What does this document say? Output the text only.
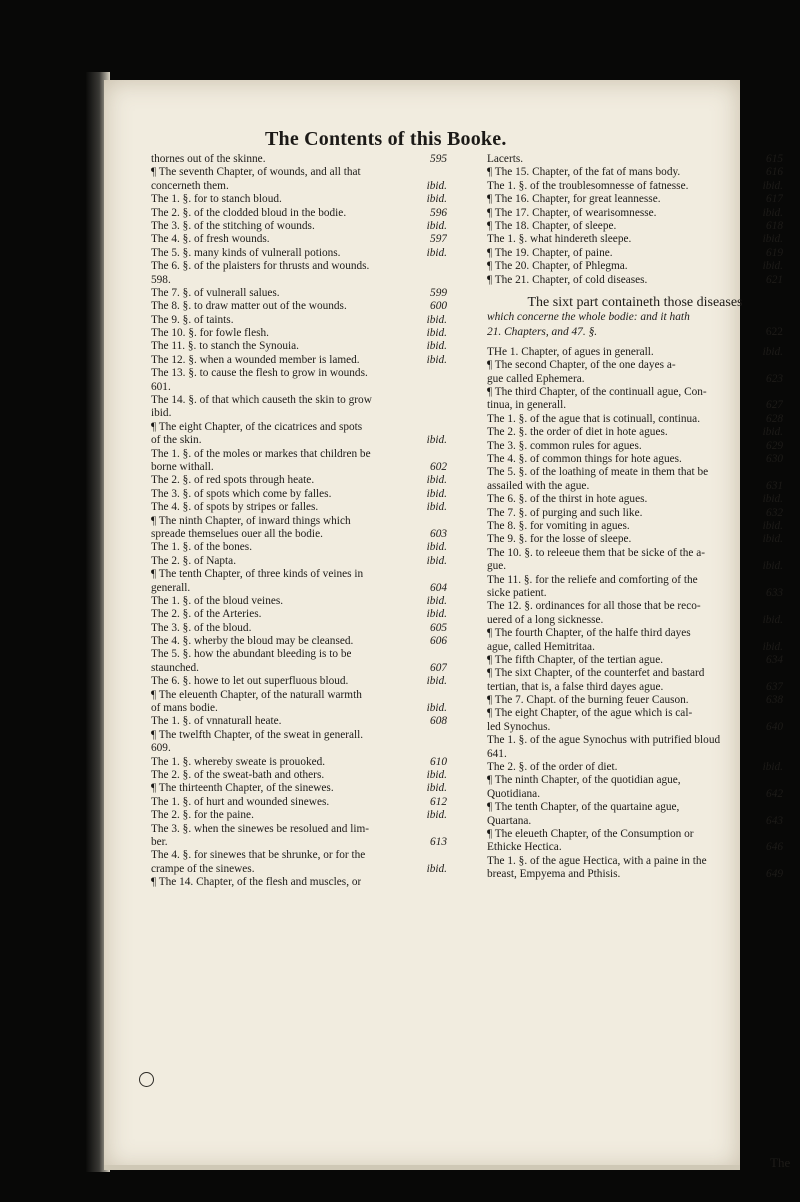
The Contents of this Booke.
thornes out of the skinne.	595
¶ The seventh Chapter, of wounds, and all that
concerneth them.	ibid.
The 1. §. for to stanch bloud.	ibid.
The 2. §. of the clodded bloud in the bodie.	596
The 3. §. of the stitching of wounds.	ibid.
The 4. §. of fresh wounds.	597
The 5. §. many kinds of vulnerall potions.	ibid.
The 6. §. of the plaisters for thrusts and wounds.
598.
The 7. §. of vulnerall salues.	599
The 8. §. to draw matter out of the wounds.	600
The 9. §. of taints.	ibid.
The 10. §. for fowle flesh.	ibid.
The 11. §. to stanch the Synouia.	ibid.
The 12. §. when a wounded member is lamed.	ibid.
The 13. §. to cause the flesh to grow in wounds.
601.
The 14. §. of that which causeth the skin to grow
ibid.
¶ The eight Chapter, of the cicatrices and spots
of the skin.	ibid.
The 1. §. of the moles or markes that children be
borne withall.	602
The 2. §. of red spots through heate.	ibid.
The 3. §. of spots which come by falles.	ibid.
The 4. §. of spots by stripes or falles.	ibid.
¶ The ninth Chapter, of inward things which
spreade themselues ouer all the bodie.	603
The 1. §. of the bones.	ibid.
The 2. §. of Napta.	ibid.
¶ The tenth Chapter, of three kinds of veines in
generall.	604
The 1. §. of the bloud veines.	ibid.
The 2. §. of the Arteries.	ibid.
The 3. §. of the bloud.	605
The 4. §. wherby the bloud may be cleansed.	606
The 5. §. how the abundant bleeding is to be
staunched.	607
The 6. §. howe to let out superfluous bloud.	ibid.
¶ The eleuenth Chapter, of the naturall warmth
of mans bodie.	ibid.
The 1. §. of vnnaturall heate.	608
¶ The twelfth Chapter, of the sweat in generall.
609.
The 1. §. whereby sweate is prouoked.	610
The 2. §. of the sweat-bath and others.	ibid.
¶ The thirteenth Chapter, of the sinewes.	ibid.
The 1. §. of hurt and wounded sinewes.	612
The 2. §. for the paine.	ibid.
The 3. §. when the sinewes be resolued and lim-
ber.	613
The 4. §. for sinewes that be shrunke, or for the
crampe of the sinewes.	ibid.
¶ The 14. Chapter, of the flesh and muscles, or
Lacerts.	615
¶ The 15. Chapter, of the fat of mans body.	616
The 1. §. of the troublesomnesse of fatnesse.	ibid.
¶ The 16. Chapter, for great leannesse.	617
¶ The 17. Chapter, of wearisomnesse.	ibid.
¶ The 18. Chapter, of sleepe.	618
The 1. §. what hindereth sleepe.	ibid.
¶ The 19. Chapter, of paine.	619
¶ The 20. Chapter, of Phlegma.	ibid.
¶ The 21. Chapter, of cold diseases.	621
The sixt part containeth those diseases
which concerne the whole bodie: and it hath
21. Chapters, and 47. §.	622
THe 1. Chapter, of agues in generall.	ibid.
¶ The second Chapter, of the one dayes a-
gue called Ephemera.	623
¶ The third Chapter, of the continuall ague, Con-
tinua, in generall.	627
The 1. §. of the ague that is cotinuall, continua.	628
The 2. §. the order of diet in hote agues.	ibid.
The 3. §. common rules for agues.	629
The 4. §. of common things for hote agues.	630
The 5. §. of the loathing of meate in them that be
assailed with the ague.	631
The 6. §. of the thirst in hote agues.	ibid.
The 7. §. of purging and such like.	632
The 8. §. for vomiting in agues.	ibid.
The 9. §. for the losse of sleepe.	ibid.
The 10. §. to releeue them that be sicke of the a-
gue.	ibid.
The 11. §. for the reliefe and comforting of the
sicke patient.	633
The 12. §. ordinances for all those that be reco-
uered of a long sicknesse.	ibid.
¶ The fourth Chapter, of the halfe third dayes
ague, called Hemitritaa.	ibid.
¶ The fifth Chapter, of the tertian ague.	634
¶ The sixt Chapter, of the counterfet and bastard
tertian, that is, a false third dayes ague.	637
¶ The 7. Chapt. of the burning feuer Causon.	638
¶ The eight Chapter, of the ague which is cal-
led Synochus.	640
The 1. §. of the ague Synochus with putrified bloud
641.
The 2. §. of the order of diet.	ibid.
¶ The ninth Chapter, of the quotidian ague,
Quotidiana.	642
¶ The tenth Chapter, of the quartaine ague,
Quartana.	643
¶ The eleueth Chapter, of the Consumption or
Ethicke Hectica.	646
The 1. §. of the ague Hectica, with a paine in the
breast, Empyema and Pthisis.	649
The
